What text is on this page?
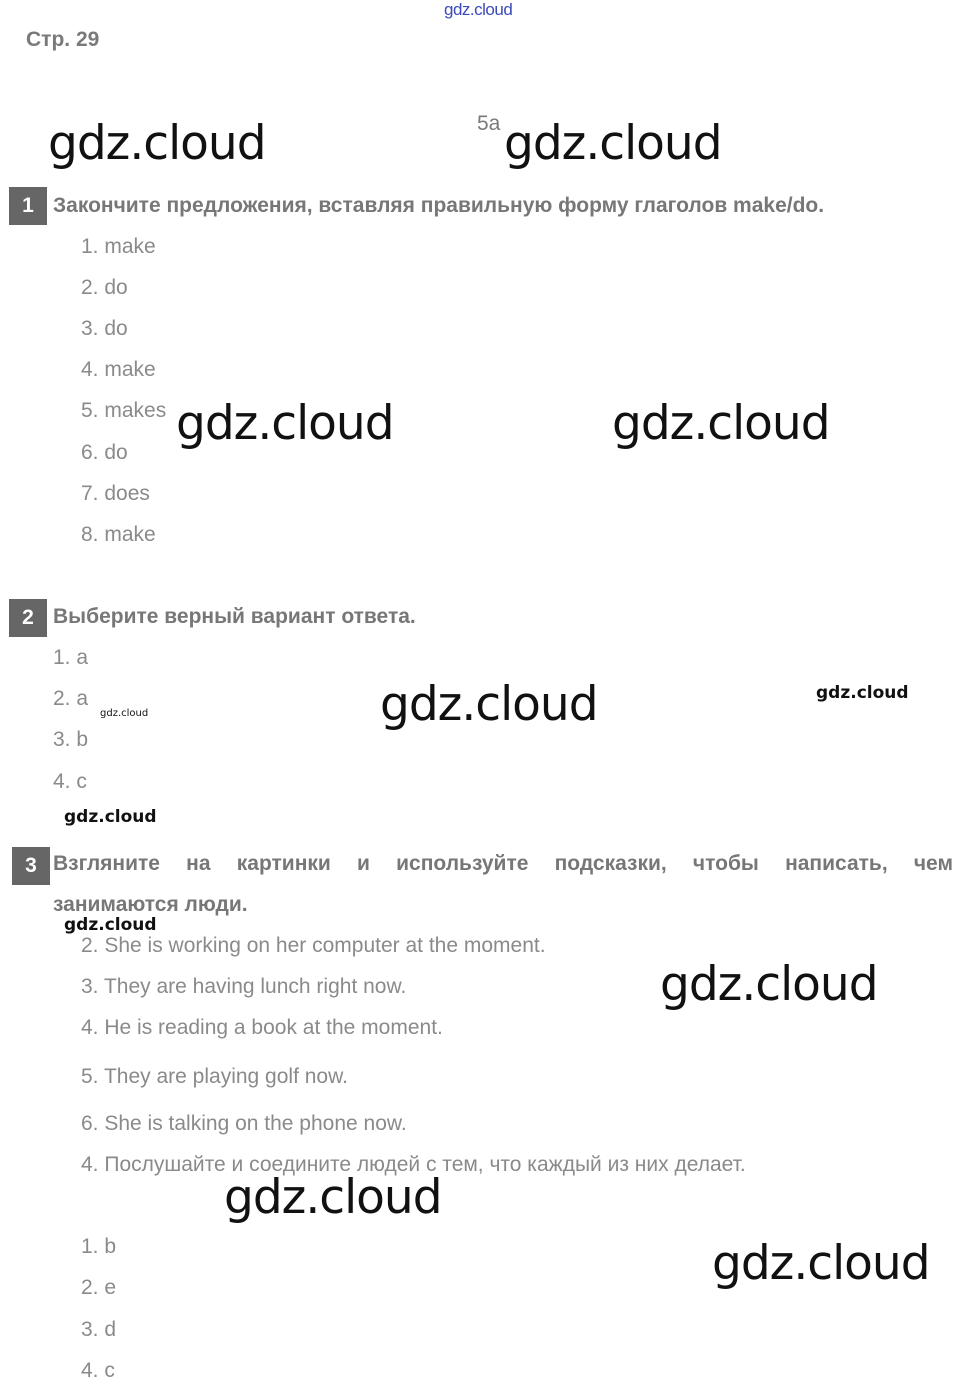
gdz.cloud
Стр. 29
5a
1 Закончите предложения, вставляя правильную форму глаголов make/do.
1. make
2. do
3. do
4. make
5. makes
6. do
7. does
8. make
2 Выберите верный вариант ответа.
1. a
2. a
3. b
4. c
3 Взгляните на картинки и используйте подсказки, чтобы написать, чем
занимаются люди.
2. She is working on her computer at the moment.
3. They are having lunch right now.
4. He is reading a book at the moment.
5. They are playing golf now.
6. She is talking on the phone now.
4. Послушайте и соедините людей с тем, что каждый из них делает.
1. b
2. e
3. d
4. c
gdz.cloud	gdz.cloud
gdz.cloud	gdz.cloud
gdz.cloud	gdz.cloud
gdz.cloud
gdz.cloud
gdz.cloud
gdz.cloud
gdz.cloud
gdz.cloud
